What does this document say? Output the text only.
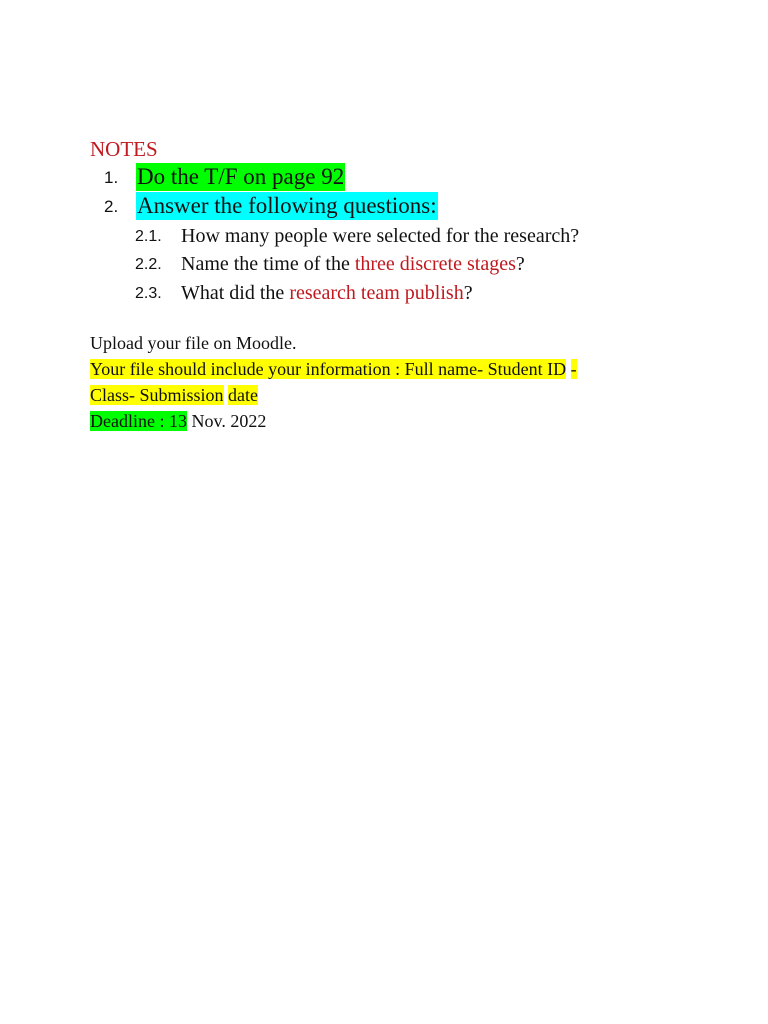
NOTES
1. Do the T/F on page 92
2. Answer the following questions:
2.1. How many people were selected for the research?
2.2. Name the time of the three discrete stages?
2.3. What did the research team publish?
Upload your file on Moodle.
Your file should include your information : Full name- Student ID -
Class- Submission date
Deadline : 13 Nov. 2022
